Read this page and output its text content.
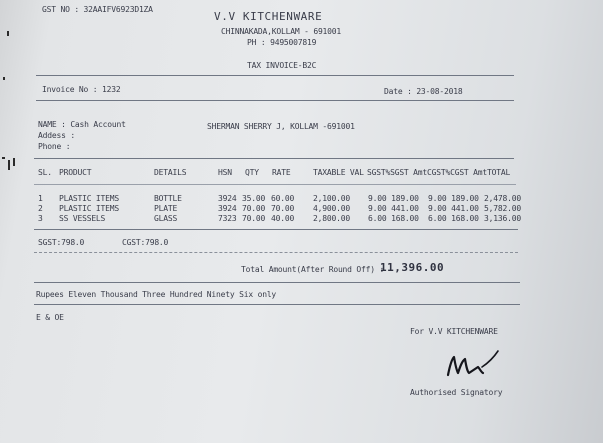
GST NO : 32AAIFV6923D1ZA
V.V KITCHENWARE
CHINNAKADA,KOLLAM - 691001
PH : 9495007819
TAX INVOICE-B2C
Invoice No : 1232	Date : 23-08-2018
NAME : Cash Account
Addess :
Phone :
SHERMAN SHERRY J, KOLLAM -691001
SL. PRODUCT	DETAILS	HSN QTY RATE	TAXABLE VAL SGST%SGST Amt CGST%CGST Amt TOTAL
1 PLASTIC ITEMS	BOTTLE	3924 35.00 60.00 2,100.00 9.00 189.00 9.00 189.00 2,478.00
2 PLASTIC ITEMS	PLATE	3924 70.00 70.00 4,900.00 9.00 441.00 9.00 441.00 5,782.00
3 SS VESSELS	GLASS	7323 70.00 40.00 2,800.00 6.00 168.00 6.00 168.00 3,136.00
SGST:798.0	CGST:798.0
Total Amount(After Round Off) :
11,396.00
Rupees Eleven Thousand Three Hundred Ninety Six only
E & OE
For V.V KITCHENWARE
Authorised Signatory
